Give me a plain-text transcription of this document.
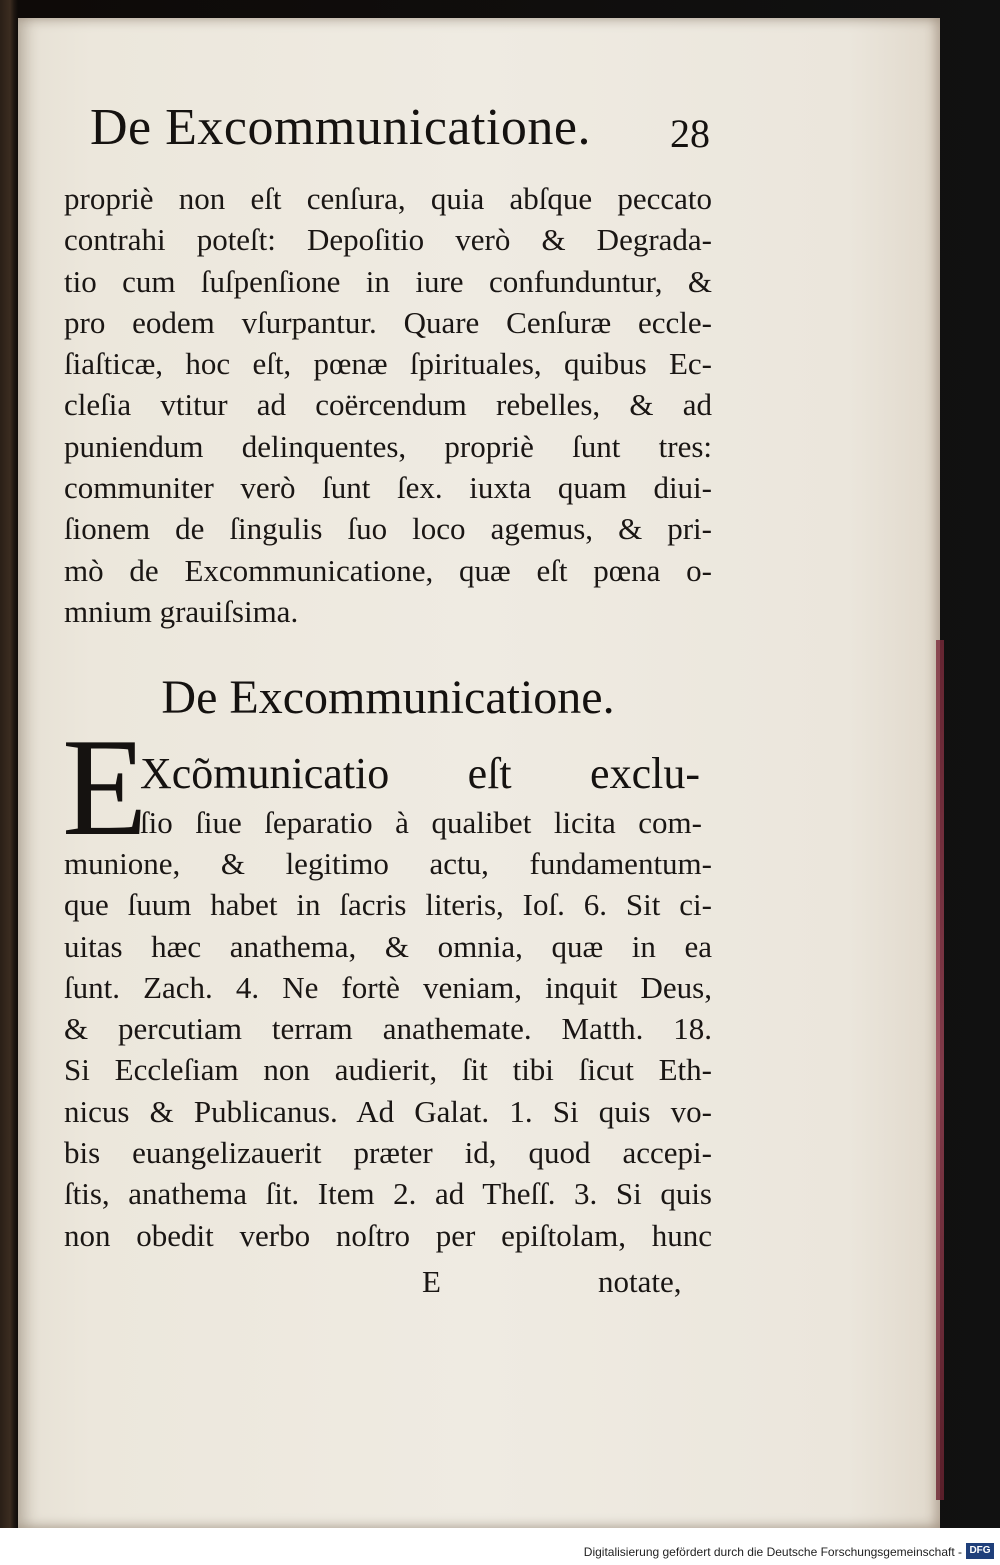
De Excommunicatione. 28
propriè non eſt cenſura, quia abſque peccato
contrahi poteſt: Depoſitio verò & Degrada-
tio cum ſuſpenſione in iure confunduntur, &
pro eodem vſurpantur. Quare Cenſuræ eccle-
ſiaſticæ, hoc eſt, pœnæ ſpirituales, quibus Ec-
cleſia vtitur ad coërcendum rebelles, & ad
puniendum delinquentes, propriè ſunt tres:
communiter verò ſunt ſex. iuxta quam diui-
ſionem de ſingulis ſuo loco agemus, & pri-
mò de Excommunicatione, quæ eſt pœna o-
mnium grauiſsima.
De Excommunicatione.
E
Xcõmunicatio eſt exclu-
ſio ſiue ſeparatio à qualibet licita com-
munione, & legitimo actu, fundamentum-
que ſuum habet in ſacris literis, Ioſ. 6. Sit ci-
uitas hæc anathema, & omnia, quæ in ea
ſunt. Zach. 4. Ne fortè veniam, inquit Deus,
& percutiam terram anathemate. Matth. 18.
Si Eccleſiam non audierit, ſit tibi ſicut Eth-
nicus & Publicanus. Ad Galat. 1. Si quis vo-
bis euangelizauerit præter id, quod accepi-
ſtis, anathema ſit. Item 2. ad Theſſ. 3. Si quis
non obedit verbo noſtro per epiſtolam, hunc
E	notate,
Digitalisierung gefördert durch die Deutsche Forschungsgemeinschaft - DFG
